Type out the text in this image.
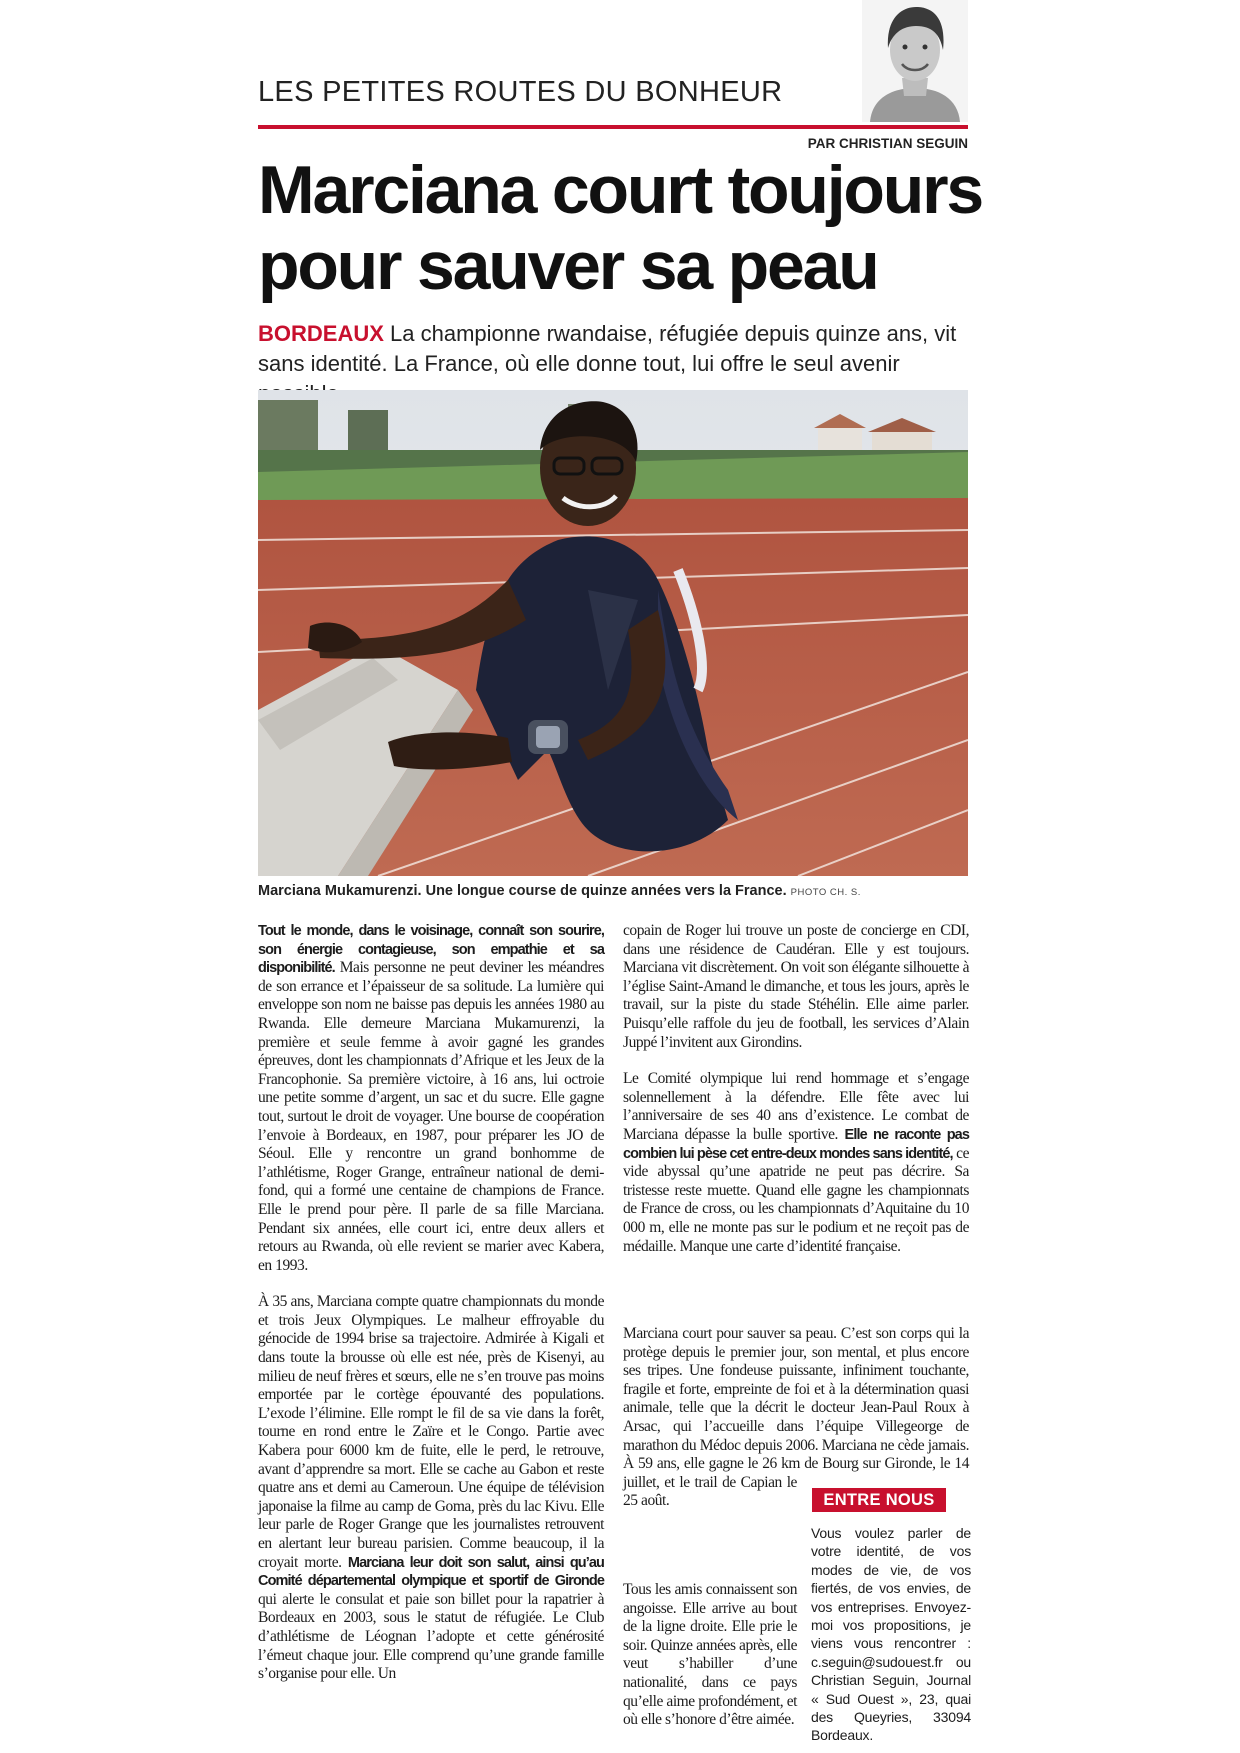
LES PETITES ROUTES DU BONHEUR
PAR CHRISTIAN SEGUIN
Marciana court toujours
pour sauver sa peau

BORDEAUX La championne rwandaise, réfugiée depuis quinze ans, vit sans identité. La France, où elle donne tout, lui offre le seul avenir

Marciana Mukamurenzi. Une longue course de quinze années vers la France. PHOTO CH. S.

Tout le monde, dans le voisinage, connaît son sourire, son énergie contagieuse, son empathie et sa disponibilité. Mais personne ne peut deviner les méandres de son errance et l’épaisseur de sa solitude. La lumière qui enveloppe son nom ne baisse pas depuis les années 1980 au Rwanda. Elle demeure Marciana Mukamurenzi, la première et seule femme à avoir gagné les grandes épreuves, dont les championnats d’Afrique et les Jeux de la Francophonie. Sa première victoire, à 16 ans, lui octroie une petite somme d’argent, un sac et du sucre. Elle gagne tout, surtout le droit de voyager. Une bourse de coopération l’envoie à Bordeaux, en 1987, pour préparer les JO de Séoul. Elle y rencontre un grand bonhomme de l’athlétisme, Roger Grange, entraîneur national de demi-fond, qui a formé une centaine de champions de France. Elle le prend pour père. Il parle de sa fille Marciana. Pendant six années, elle court ici, entre deux allers et retours au Rwanda, où elle revient se marier avec Kabera, en 1993.

À 35 ans, Marciana compte quatre championnats du monde et trois Jeux Olympiques. Le malheur effroyable du génocide de 1994 brise sa trajectoire. Admirée à Kigali et dans toute la brousse où elle est née, près de Kisenyi, au milieu de neuf frères et sœurs, elle ne s’en trouve pas moins emportée par le cortège épouvanté des populations. L’exode l’élimine. Elle rompt le fil de sa vie dans la forêt, tourne en rond entre le Zaïre et le Congo. Partie avec Kabera pour 6000 km de fuite, elle le perd, le retrouve, avant d’apprendre sa mort. Elle se cache au Gabon et reste quatre ans et demi au Cameroun. Une équipe de télévision japonaise la filme au camp de Goma, près du lac Kivu. Elle leur parle de Roger Grange que les journalistes retrouvent en alertant leur bureau parisien. Comme beaucoup, il la croyait morte. Marciana leur doit son salut, ainsi qu’au Comité départemental olympique et sportif de Gironde qui alerte le consulat et paie son billet pour la rapatrier à Bordeaux en 2003, sous le statut de réfugiée. Le Club d’athlétisme de Léognan l’adopte et cette générosité l’émeut chaque jour. Elle comprend qu’une grande famille s’organise pour elle. Un

copain de Roger lui trouve un poste de concierge en CDI, dans une résidence de Caudéran. Elle y est toujours. Marciana vit discrètement. On voit son élégante silhouette à l’église Saint-Amand le dimanche, et tous les jours, après le travail, sur la piste du stade Stéhélin. Elle aime parler. Puisqu’elle raffole du jeu de football, les services d’Alain Juppé l’invitent aux Girondins.

Le Comité olympique lui rend hommage et s’engage solennellement à la défendre. Elle fête avec lui l’anniversaire de ses 40 ans d’existence. Le combat de Marciana dépasse la bulle sportive. Elle ne raconte pas combien lui pèse cet entre-deux mondes sans identité, ce vide abyssal qu’une apatride ne peut pas décrire. Sa tristesse reste muette. Quand elle gagne les championnats de France de cross, ou les championnats d’Aquitaine du 10 000 m, elle ne monte pas sur le podium et ne reçoit pas de médaille. Manque une carte d’identité française.

Marciana court pour sauver sa peau. C’est son corps qui la protège depuis le premier jour, son mental, et plus encore ses tripes. Une fondeuse puissante, infiniment touchante, fragile et forte, empreinte de foi et à la détermination quasi animale, telle que la décrit le docteur Jean-Paul Roux à Arsac, qui l’accueille dans l’équipe Villegeorge de marathon du Médoc depuis 2006. Marciana ne cède jamais. À 59 ans, elle gagne le 26 km de Bourg sur Gironde, le 14 juillet, et le trail de Capian le 25 août.

Tous les amis connaissent son angoisse. Elle arrive au bout de la ligne droite. Elle prie le soir. Quinze années après, elle veut s’habiller d’une nationalité, dans ce pays qu’elle aime profondément, et où elle s’honore d’être aimée.

ENTRE NOUS
Vous voulez parler de votre identité, de vos modes de vie, de vos fiertés, de vos envies, de vos entreprises. Envoyez-moi vos propositions, je viens vous rencontrer : c.seguin@sudouest.fr ou Christian Seguin, Journal « Sud Ouest », 23, quai des Queyries, 33094 Bordeaux.
